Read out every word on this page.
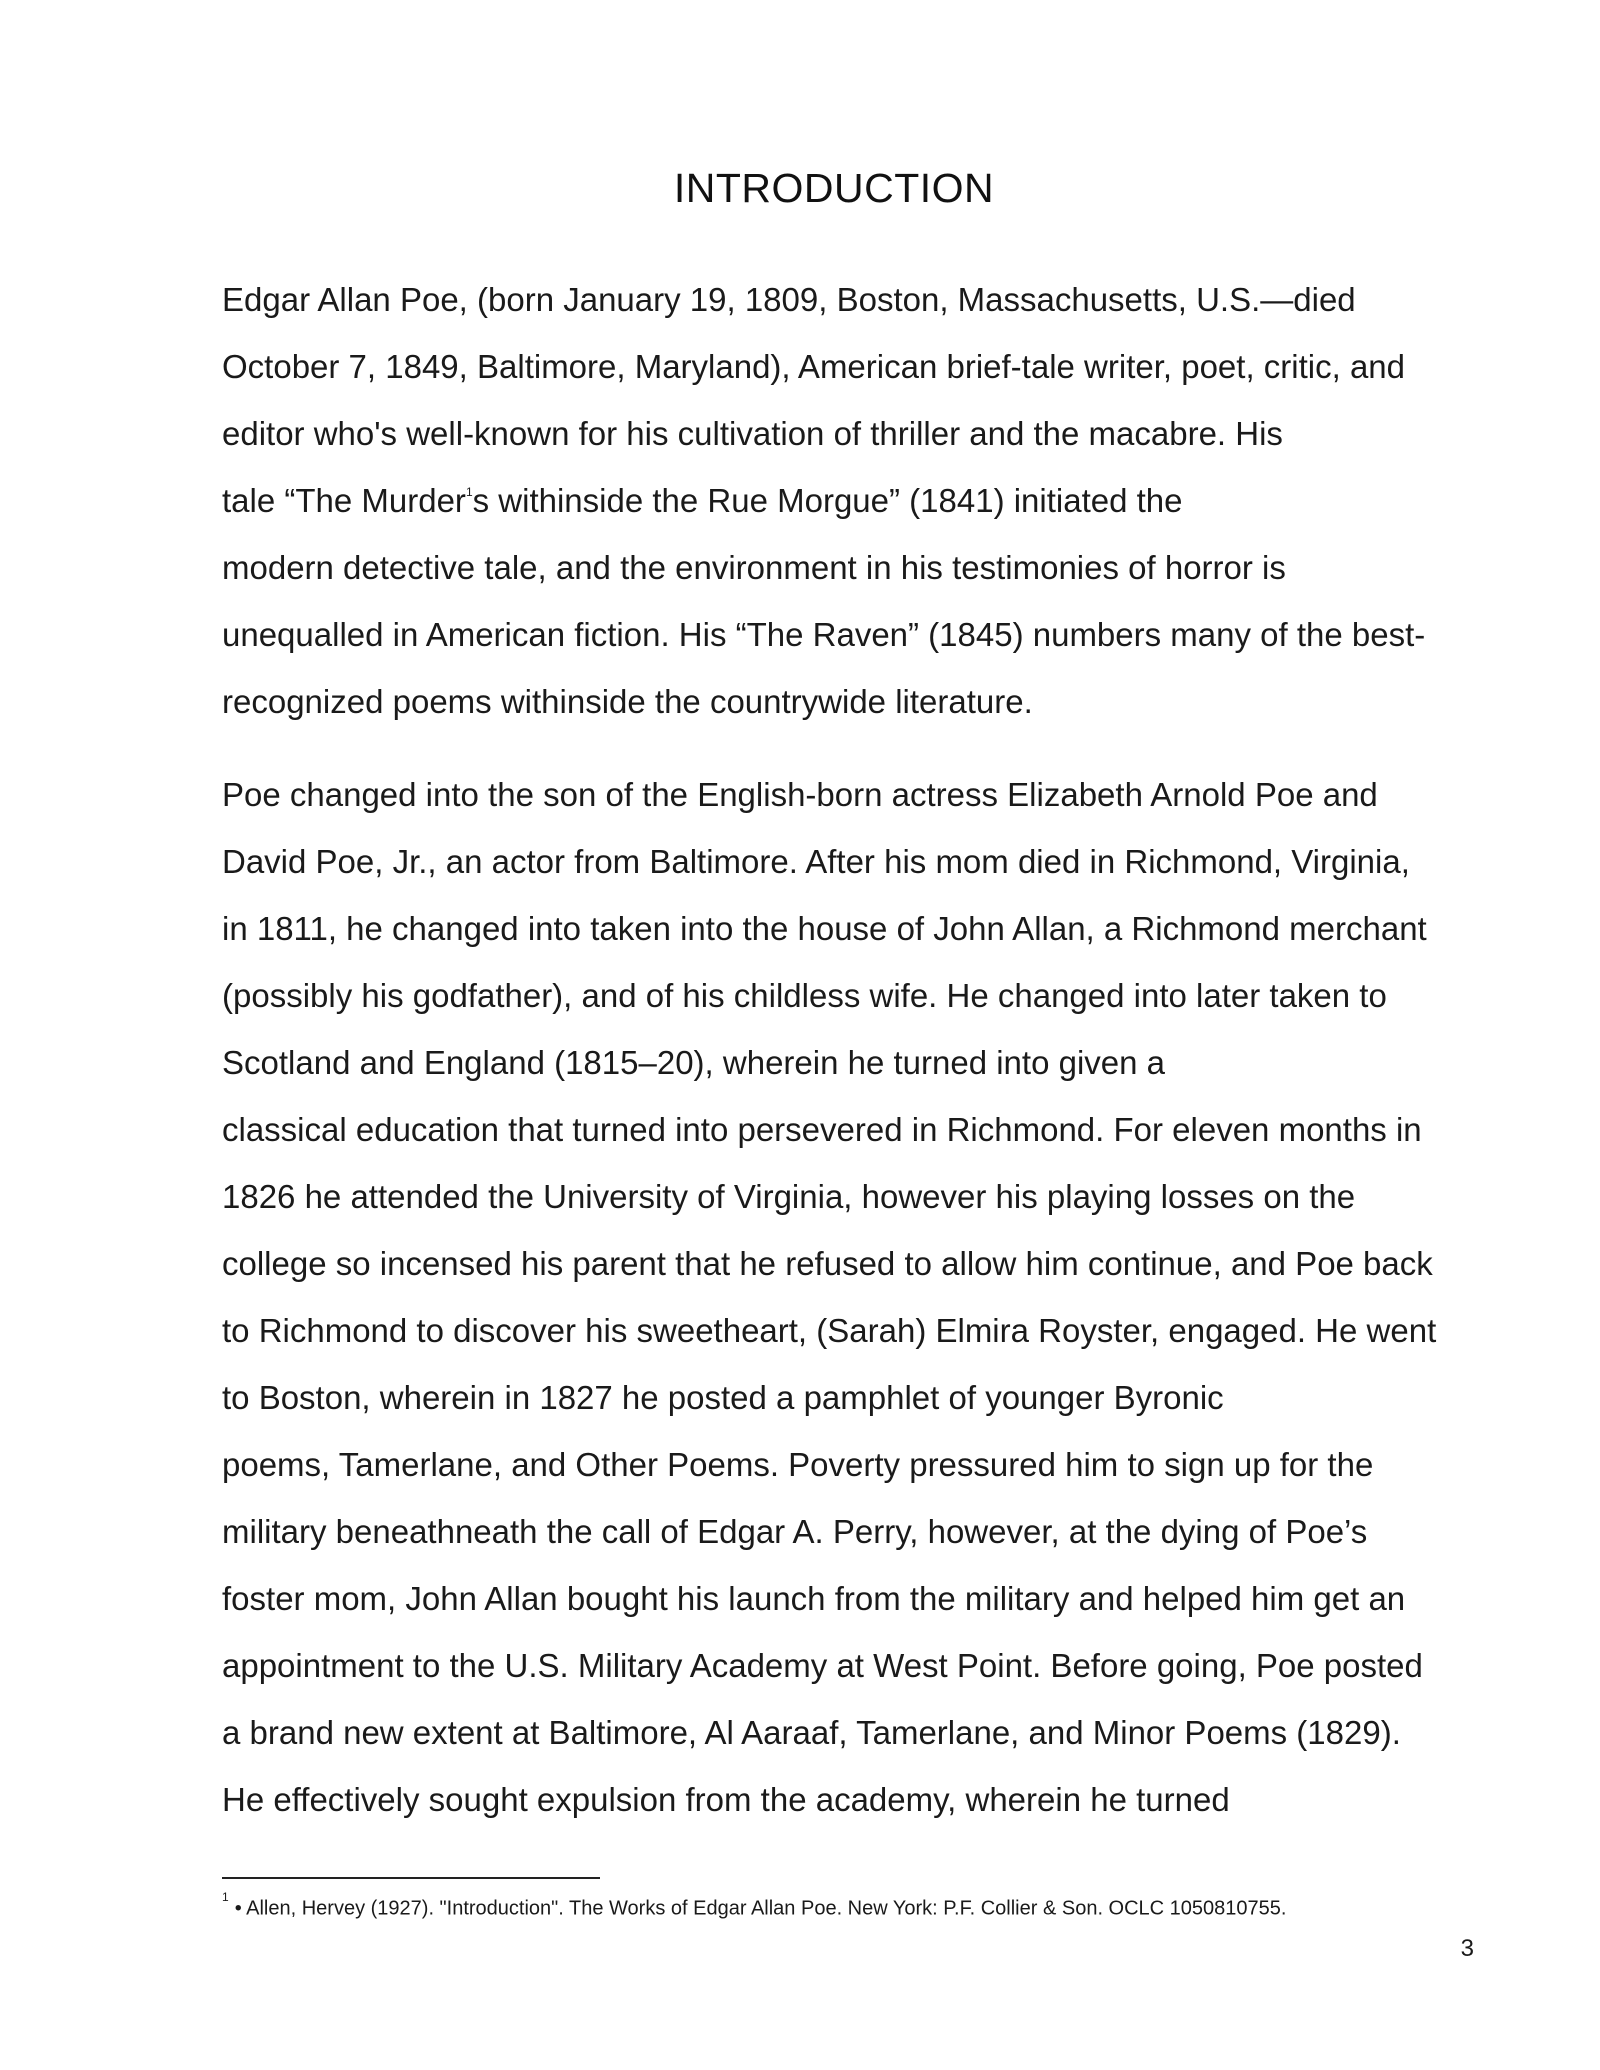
INTRODUCTION
Edgar Allan Poe, (born January 19, 1809, Boston, Massachusetts, U.S.—died
October 7, 1849, Baltimore, Maryland), American brief-tale writer, poet, critic, and
editor who's well-known for his cultivation of thriller and the macabre. His
tale “The Murder$^1$s withinside the Rue Morgue” (1841) initiated the
modern detective tale, and the environment in his testimonies of horror is
unequalled in American fiction. His “The Raven” (1845) numbers many of the best-
recognized poems withinside the countrywide literature.
Poe changed into the son of the English-born actress Elizabeth Arnold Poe and
David Poe, Jr., an actor from Baltimore. After his mom died in Richmond, Virginia,
in 1811, he changed into taken into the house of John Allan, a Richmond merchant
(possibly his godfather), and of his childless wife. He changed into later taken to
Scotland and England (1815–20), wherein he turned into given a
classical education that turned into persevered in Richmond. For eleven months in
1826 he attended the University of Virginia, however his playing losses on the
college so incensed his parent that he refused to allow him continue, and Poe back
to Richmond to discover his sweetheart, (Sarah) Elmira Royster, engaged. He went
to Boston, wherein in 1827 he posted a pamphlet of younger Byronic
poems, Tamerlane, and Other Poems. Poverty pressured him to sign up for the
military beneathneath the call of Edgar A. Perry, however, at the dying of Poe’s
foster mom, John Allan bought his launch from the military and helped him get an
appointment to the U.S. Military Academy at West Point. Before going, Poe posted
a brand new extent at Baltimore, Al Aaraaf, Tamerlane, and Minor Poems (1829).
He effectively sought expulsion from the academy, wherein he turned
$^1$• Allen, Hervey (1927). "Introduction". The Works of Edgar Allan Poe. New York: P.F. Collier & Son. OCLC 1050810755.
3
